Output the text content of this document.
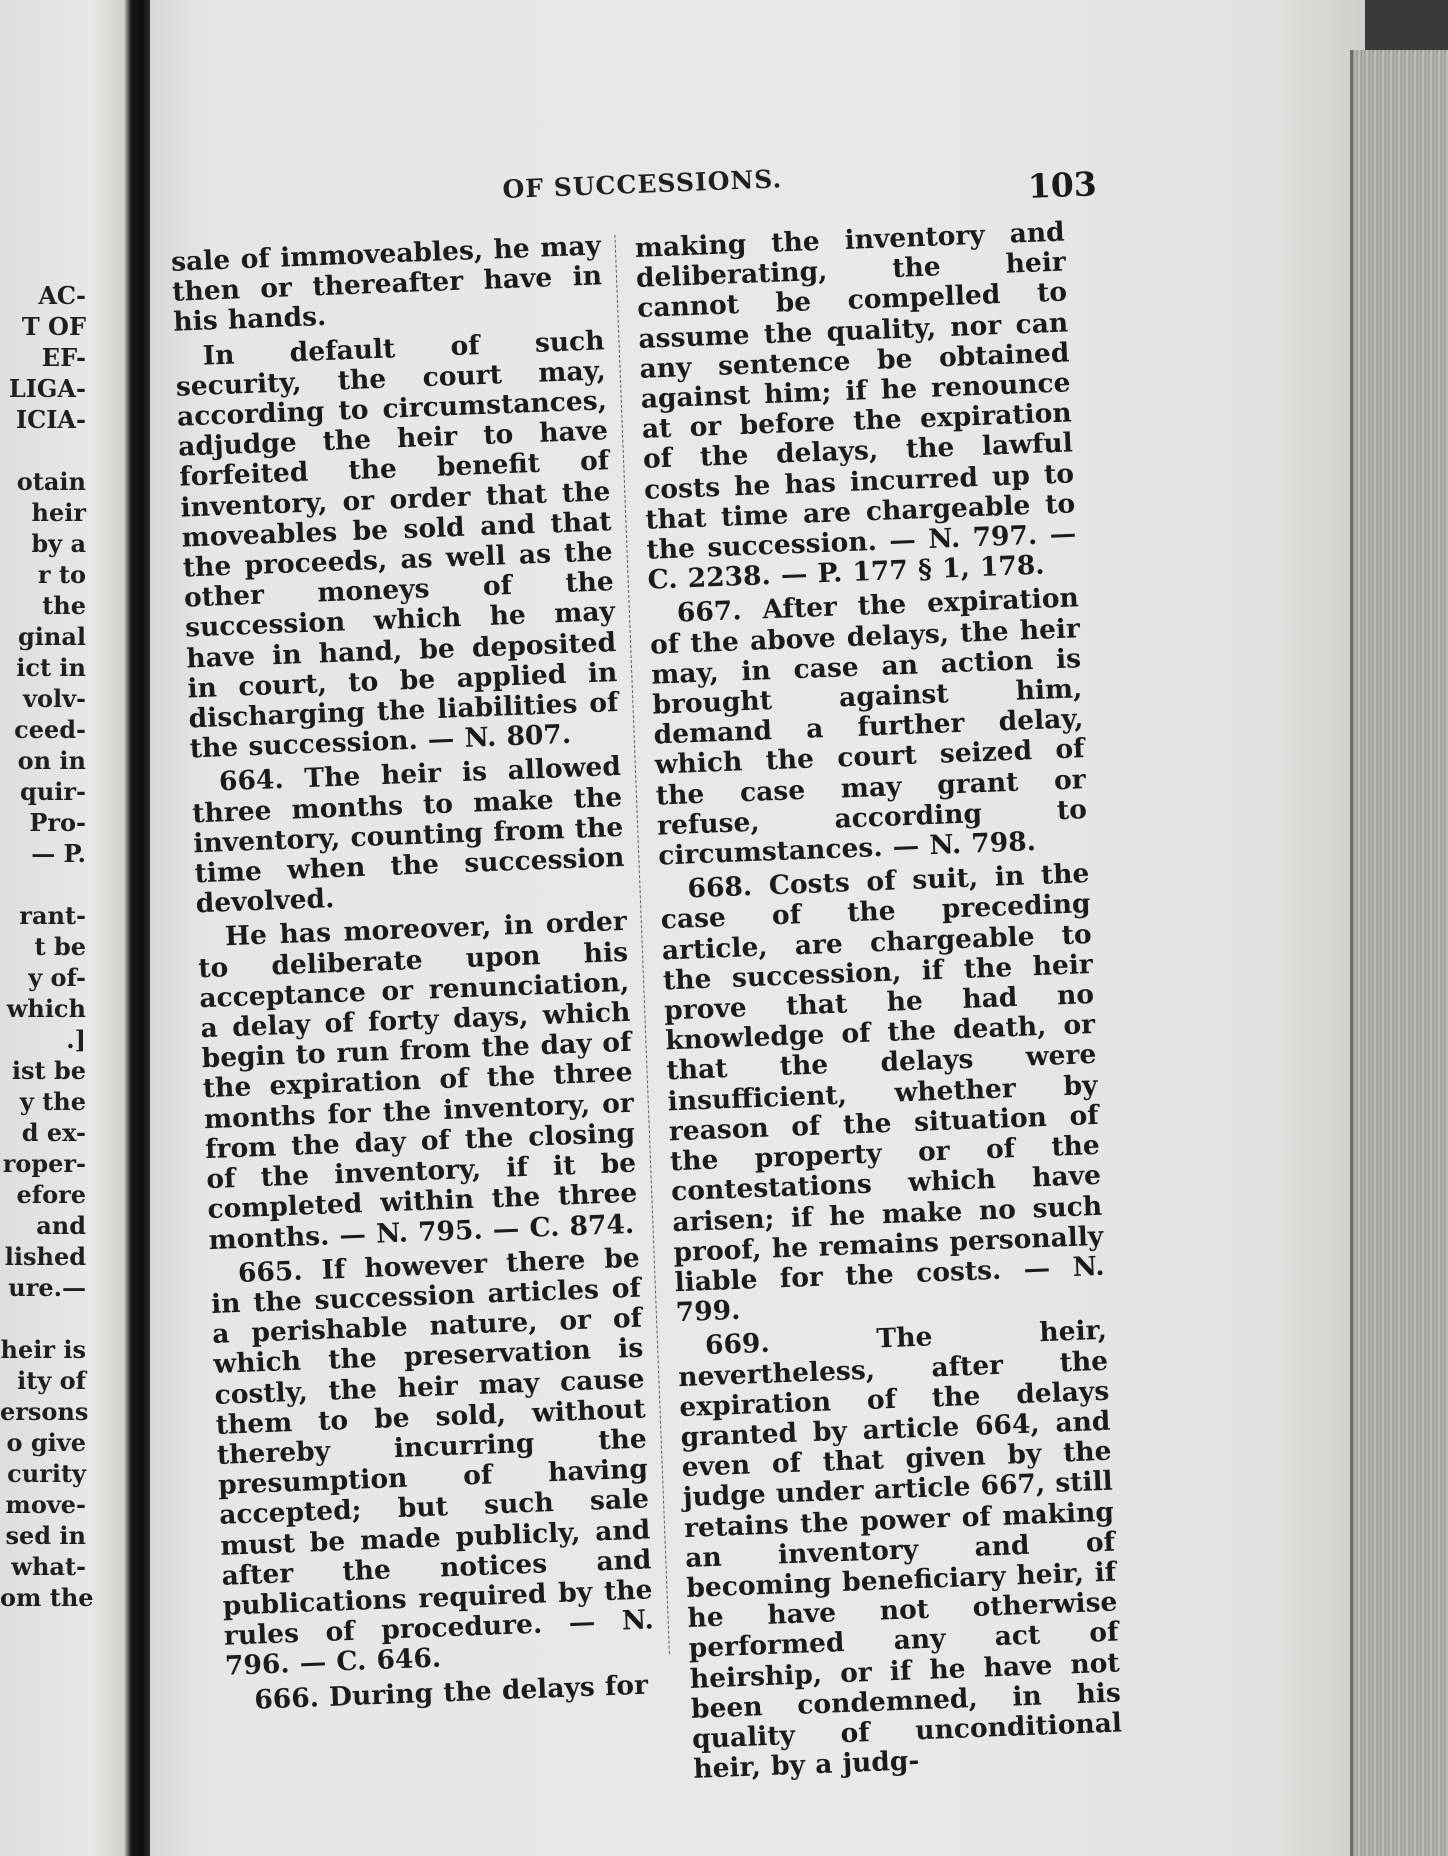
AC-
T OF
EF-
LIGA-
ICIA-
otain
heir
by a
r to
the
ginal
ict in
volv-
ceed-
on in
quir-
Pro-
— P.
rant-
t be
y of-
which
.]
ist be
y the
d ex-
roper-
efore
and
lished
ure.—
heir is
ity of
ersons
o give
curity
move-
sed in
what-
om the
OF SUCCESSIONS.	103

sale of immoveables, he may then or thereafter have in his hands.

In default of such security, the court may, according to circumstances, adjudge the heir to have forfeited the benefit of inventory, or order that the moveables be sold and that the proceeds, as well as the other moneys of the succession which he may have in hand, be deposited in court, to be applied in discharging the liabilities of the succession. — N. 807.

664. The heir is allowed three months to make the inventory, counting from the time when the succession devolved.

He has moreover, in order to deliberate upon his acceptance or renunciation, a delay of forty days, which begin to run from the day of the expiration of the three months for the inventory, or from the day of the closing of the inventory, if it be completed within the three months. — N. 795. — C. 874.

665. If however there be in the succession articles of a perishable nature, or of which the preservation is costly, the heir may cause them to be sold, without thereby incurring the presumption of having accepted; but such sale must be made publicly, and after the notices and publications required by the rules of procedure. — N. 796. — C. 646.

666. During the delays for

making the inventory and deliberating, the heir cannot be compelled to assume the quality, nor can any sentence be obtained against him; if he renounce at or before the expiration of the delays, the lawful costs he has incurred up to that time are chargeable to the succession. — N. 797. — C. 2238. — P. 177 § 1, 178.

667. After the expiration of the above delays, the heir may, in case an action is brought against him, demand a further delay, which the court seized of the case may grant or refuse, according to circumstances. — N. 798.

668. Costs of suit, in the case of the preceding article, are chargeable to the succession, if the heir prove that he had no knowledge of the death, or that the delays were insufficient, whether by reason of the situation of the property or of the contestations which have arisen; if he make no such proof, he remains personally liable for the costs. — N. 799.

669. The heir, nevertheless, after the expiration of the delays granted by article 664, and even of that given by the judge under article 667, still retains the power of making an inventory and of becoming beneficiary heir, if he have not otherwise performed any act of heirship, or if he have not been condemned, in his quality of unconditional heir, by a judg-
